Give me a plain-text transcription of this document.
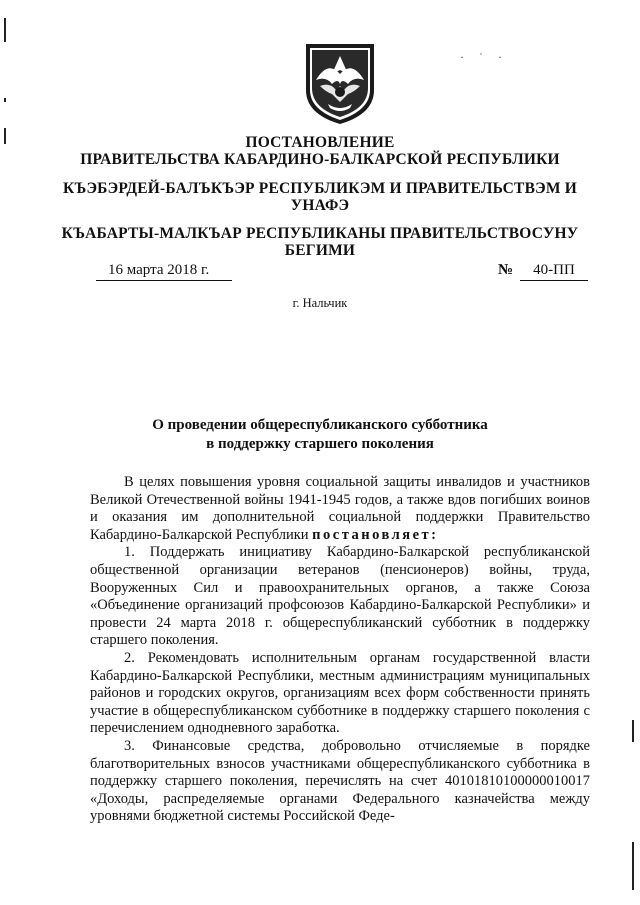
· ˙ ·
ПОСТАНОВЛЕНИЕ
ПРАВИТЕЛЬСТВА КАБАРДИНО-БАЛКАРСКОЙ РЕСПУБЛИКИ
КЪЭБЭРДЕЙ-БАЛЪКЪЭР РЕСПУБЛИКЭМ И ПРАВИТЕЛЬСТВЭМ И
УНАФЭ
КЪАБАРТЫ-МАЛКЪАР РЕСПУБЛИКАНЫ ПРАВИТЕЛЬСТВОСУНУ
БЕГИМИ
16 марта 2018 г.	№	40-ПП
г. Нальчик
О проведении общереспубликанского субботника
в поддержку старшего поколения

В целях повышения уровня социальной защиты инвалидов и участников Великой Отечественной войны 1941-1945 годов, а также вдов погибших воинов и оказания им дополнительной социальной поддержки Правительство Кабардино-Балкарской Республики постановляет:

1. Поддержать инициативу Кабардино-Балкарской республиканской общественной организации ветеранов (пенсионеров) войны, труда, Вооруженных Сил и правоохранительных органов, а также Союза «Объединение организаций профсоюзов Кабардино-Балкарской Республики» и провести 24 марта 2018 г. общереспубликанский субботник в поддержку старшего поколения.

2. Рекомендовать исполнительным органам государственной власти Кабардино-Балкарской Республики, местным администрациям муниципальных районов и городских округов, организациям всех форм собственности принять участие в общереспубликанском субботнике в поддержку старшего поколения с перечислением однодневного заработка.

3. Финансовые средства, добровольно отчисляемые в порядке благотворительных взносов участниками общереспубликанского субботника в поддержку старшего поколения, перечислять на счет 40101810100000010017 «Доходы, распределяемые органами Федерального казначейства между уровнями бюджетной системы Российской Феде-
